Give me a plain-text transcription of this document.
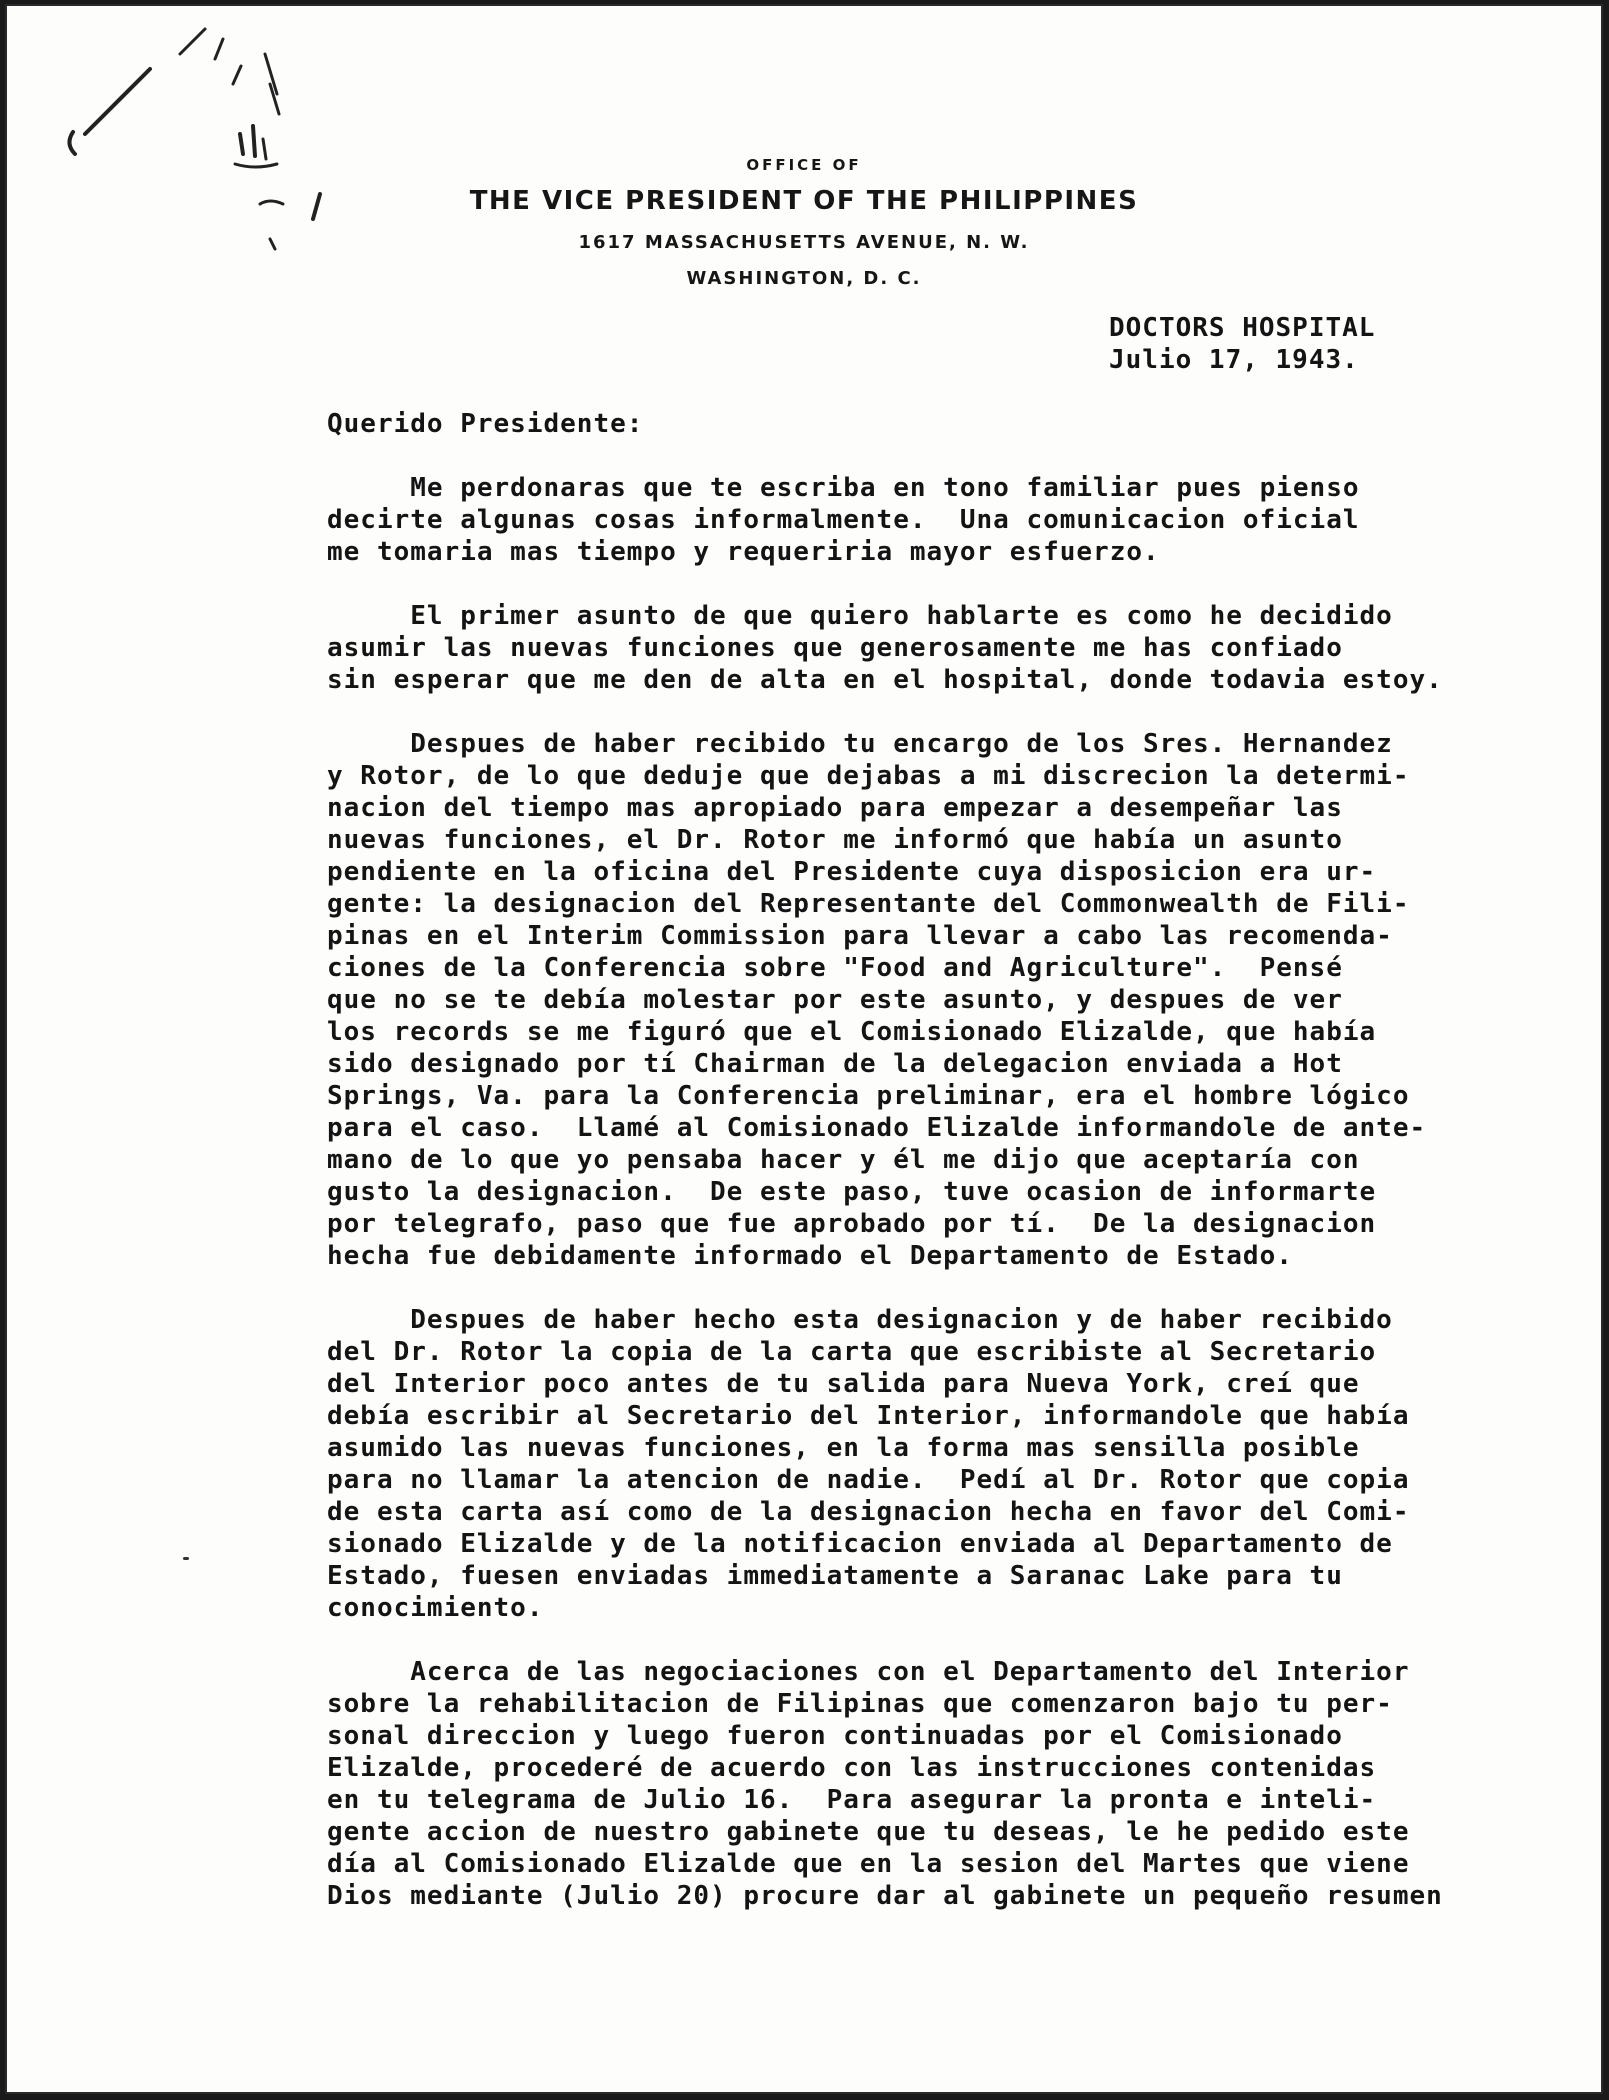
OFFICE OF
THE VICE PRESIDENT OF THE PHILIPPINES
1617 MASSACHUSETTS AVENUE, N. W.
WASHINGTON, D. C.
DOCTORS HOSPITAL
Julio 17, 1943.
Querido Presidente:
Me perdonaras que te escriba en tono familiar pues pienso
decirte algunas cosas informalmente.  Una comunicacion oficial
me tomaria mas tiempo y requeriria mayor esfuerzo.
El primer asunto de que quiero hablarte es como he decidido
asumir las nuevas funciones que generosamente me has confiado
sin esperar que me den de alta en el hospital, donde todavia estoy.
Despues de haber recibido tu encargo de los Sres. Hernandez
y Rotor, de lo que deduje que dejabas a mi discrecion la determi-
nacion del tiempo mas apropiado para empezar a desempeñar las
nuevas funciones, el Dr. Rotor me informó que había un asunto
pendiente en la oficina del Presidente cuya disposicion era ur-
gente: la designacion del Representante del Commonwealth de Fili-
pinas en el Interim Commission para llevar a cabo las recomenda-
ciones de la Conferencia sobre "Food and Agriculture".  Pensé
que no se te debía molestar por este asunto, y despues de ver
los records se me figuró que el Comisionado Elizalde, que había
sido designado por tí Chairman de la delegacion enviada a Hot
Springs, Va. para la Conferencia preliminar, era el hombre lógico
para el caso.  Llamé al Comisionado Elizalde informandole de ante-
mano de lo que yo pensaba hacer y él me dijo que aceptaría con
gusto la designacion.  De este paso, tuve ocasion de informarte
por telegrafo, paso que fue aprobado por tí.  De la designacion
hecha fue debidamente informado el Departamento de Estado.
Despues de haber hecho esta designacion y de haber recibido
del Dr. Rotor la copia de la carta que escribiste al Secretario
del Interior poco antes de tu salida para Nueva York, creí que
debía escribir al Secretario del Interior, informandole que había
asumido las nuevas funciones, en la forma mas sensilla posible
para no llamar la atencion de nadie.  Pedí al Dr. Rotor que copia
de esta carta así como de la designacion hecha en favor del Comi-
sionado Elizalde y de la notificacion enviada al Departamento de
Estado, fuesen enviadas immediatamente a Saranac Lake para tu
conocimiento.
Acerca de las negociaciones con el Departamento del Interior
sobre la rehabilitacion de Filipinas que comenzaron bajo tu per-
sonal direccion y luego fueron continuadas por el Comisionado
Elizalde, procederé de acuerdo con las instrucciones contenidas
en tu telegrama de Julio 16.  Para asegurar la pronta e inteli-
gente accion de nuestro gabinete que tu deseas, le he pedido este
día al Comisionado Elizalde que en la sesion del Martes que viene
Dios mediante (Julio 20) procure dar al gabinete un pequeño resumen
